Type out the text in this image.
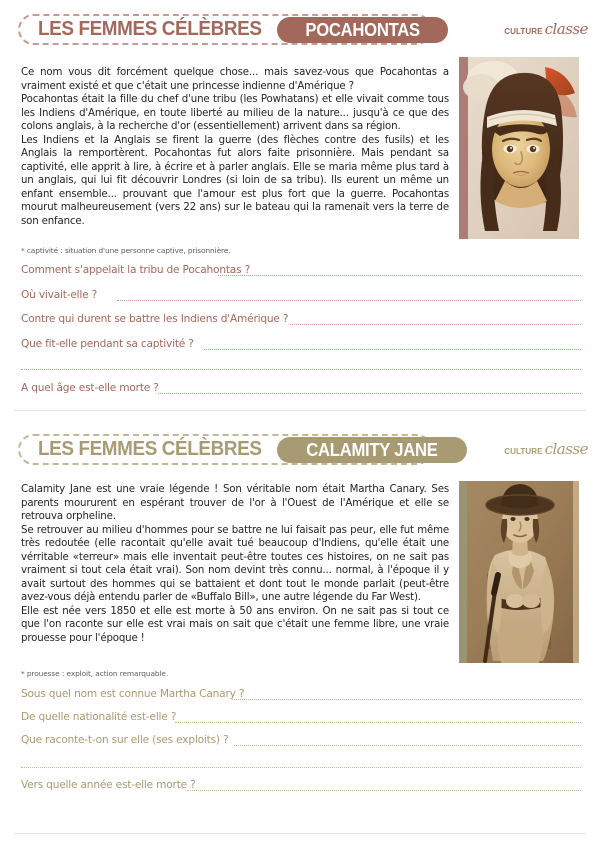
LES FEMMES CÉLÈBRES POCAHONTAS	culture classe

Ce nom vous dit forcément quelque chose... mais savez-vous que Pocahontas a vraiment existé et que c'était une princesse indienne d'Amérique ?

Pocahontas était la fille du chef d'une tribu (les Powhatans) et elle vivait comme tous les Indiens d'Amérique, en toute liberté au milieu de la nature... jusqu'à ce que des colons anglais, à la recherche d'or (essentiellement) arrivent dans sa région.

Les Indiens et la Anglais se firent la guerre (des flèches contre des fusils) et les Anglais la remportèrent. Pocahontas fut alors faite prisonnière. Mais pendant sa captivité, elle apprit à lire, à écrire et à parler anglais. Elle se maria même plus tard à un anglais, qui lui fit découvrir Londres (si loin de sa tribu). Ils eurent un même un enfant ensemble... prouvant que l'amour est plus fort que la guerre. Pocahontas mourut malheureusement (vers 22 ans) sur le bateau qui la ramenait vers la terre de son enfance.

* captivité : situation d'une personne captive, prisonnière.
Comment s'appelait la tribu de Pocahontas ?
Où vivait-elle ?
Contre qui durent se battre les Indiens d'Amérique ?
Que fit-elle pendant sa captivité ?
A quel âge est-elle morte ?
LES FEMMES CÉLÈBRES CALAMITY JANE	culture classe

Calamity Jane est une vraie légende ! Son véritable nom était Martha Canary. Ses parents moururent en espérant trouver de l'or à l'Ouest de l'Amérique et elle se retrouva orpheline.

Se retrouver au milieu d'hommes pour se battre ne lui faisait pas peur, elle fut même très redoutée (elle racontait qu'elle avait tué beaucoup d'Indiens, qu'elle était une vérritable «terreur» mais elle inventait peut-être toutes ces histoires, on ne sait pas vraiment si tout cela était vrai). Son nom devint très connu... normal, à l'époque il y avait surtout des hommes qui se battaient et dont tout le monde parlait (peut-être avez-vous déjà entendu parler de «Buffalo Bill», une autre légende du Far West).

Elle est née vers 1850 et elle est morte à 50 ans environ. On ne sait pas si tout ce que l'on raconte sur elle est vrai mais on sait que c'était une femme libre, une vraie prouesse pour l'époque !

* prouesse : exploit, action remarquable.
Sous quel nom est connue Martha Canary ?
De quelle nationalité est-elle ?
Que raconte-t-on sur elle (ses exploits) ?
Vers quelle année est-elle morte ?
